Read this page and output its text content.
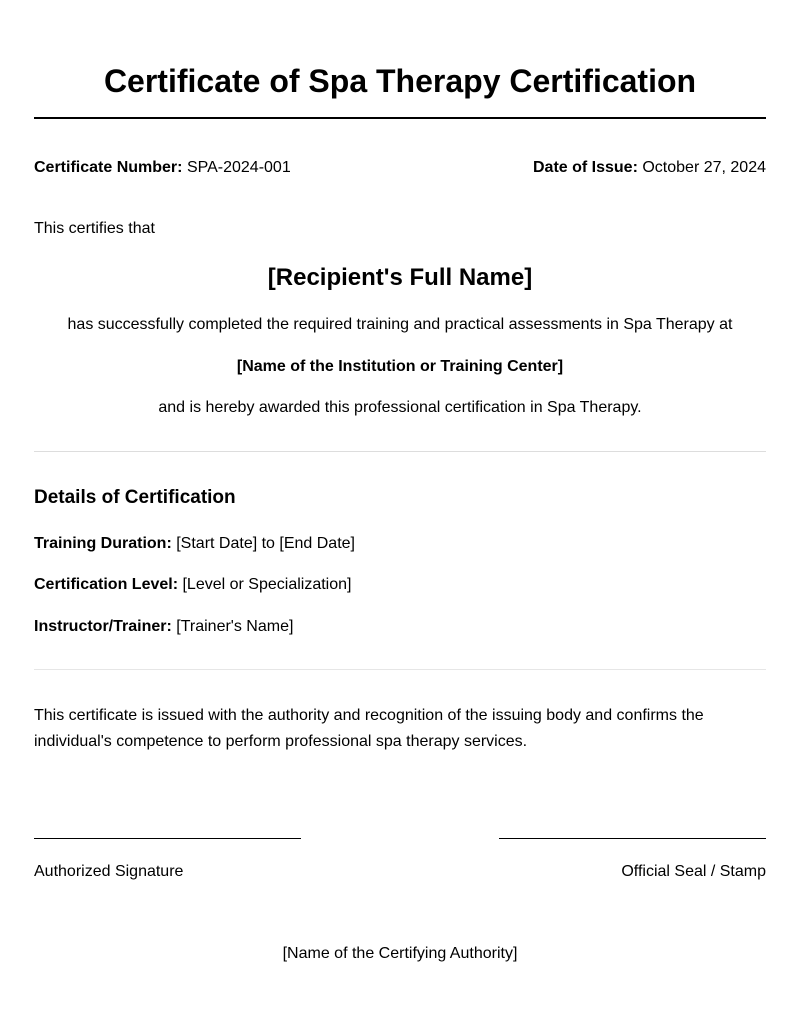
Certificate of Spa Therapy Certification
Certificate Number: SPA-2024-001	Date of Issue: October 27, 2024

This certifies that

[Recipient's Full Name]

has successfully completed the required training and practical assessments in Spa Therapy at

[Name of the Institution or Training Center]

and is hereby awarded this professional certification in Spa Therapy.

Details of Certification
Training Duration: [Start Date] to [End Date]
Certification Level: [Level or Specialization]
Instructor/Trainer: [Trainer's Name]

This certificate is issued with the authority and recognition of the issuing body and confirms the individual's competence to perform professional spa therapy services.

Authorized Signature	Official Seal / Stamp

[Name of the Certifying Authority]
